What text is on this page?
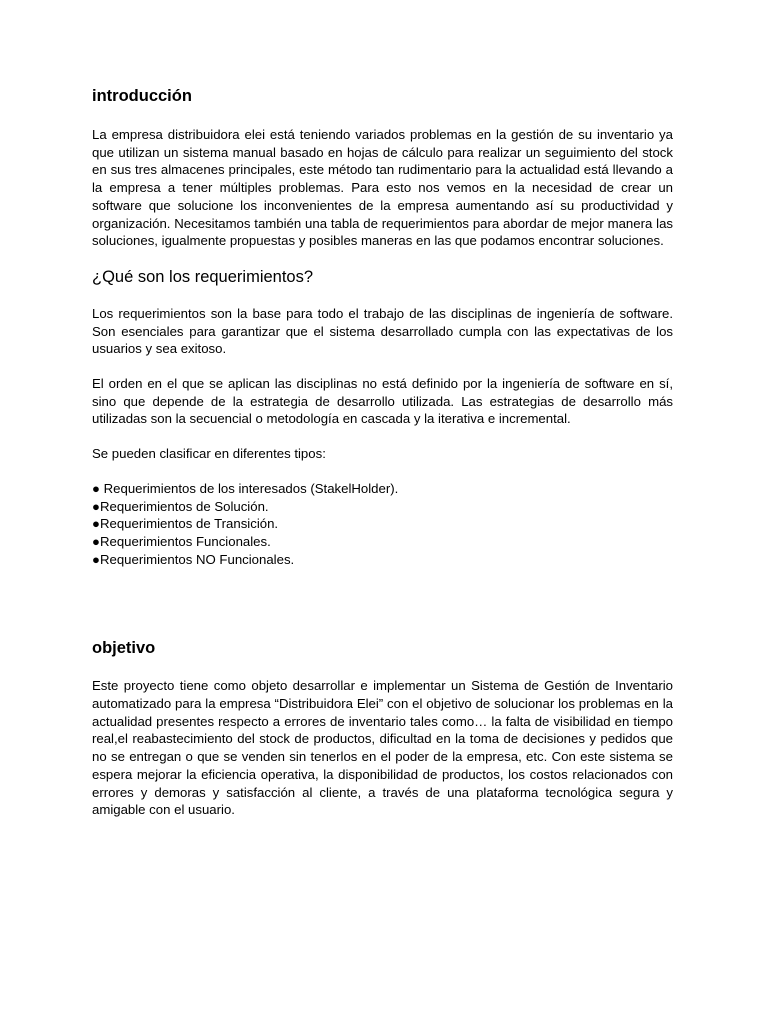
introducción

La empresa distribuidora elei está teniendo variados problemas en la gestión de su inventario ya que utilizan un sistema manual basado en hojas de cálculo para realizar un seguimiento del stock en sus tres almacenes principales, este método tan rudimentario para la actualidad está llevando a la empresa a tener múltiples problemas. Para esto nos vemos en la necesidad de crear un software que solucione los inconvenientes de la empresa aumentando así su productividad y organización. Necesitamos también una tabla de requerimientos para abordar de mejor manera las soluciones, igualmente propuestas y posibles maneras en las que podamos encontrar soluciones.

¿Qué son los requerimientos?

Los requerimientos son la base para todo el trabajo de las disciplinas de ingeniería de software. Son esenciales para garantizar que el sistema desarrollado cumpla con las expectativas de los usuarios y sea exitoso.

El orden en el que se aplican las disciplinas no está definido por la ingeniería de software en sí, sino que depende de la estrategia de desarrollo utilizada. Las estrategias de desarrollo más utilizadas son la secuencial o metodología en cascada y la iterativa e incremental.

Se pueden clasificar en diferentes tipos:

● Requerimientos de los interesados (StakelHolder).
●Requerimientos de Solución.
●Requerimientos de Transición.
●Requerimientos Funcionales.
●Requerimientos NO Funcionales.
objetivo

Este proyecto tiene como objeto desarrollar e implementar un Sistema de Gestión de Inventario automatizado para la empresa “Distribuidora Elei” con el objetivo de solucionar los problemas en la actualidad presentes respecto a errores de inventario tales como… la falta de visibilidad en tiempo real,el reabastecimiento del stock de productos, dificultad en la toma de decisiones y pedidos que no se entregan o que se venden sin tenerlos en el poder de la empresa, etc. Con este sistema se espera mejorar la eficiencia operativa, la disponibilidad de productos, los costos relacionados con errores y demoras y satisfacción al cliente, a través de una plataforma tecnológica segura y amigable con el usuario.
